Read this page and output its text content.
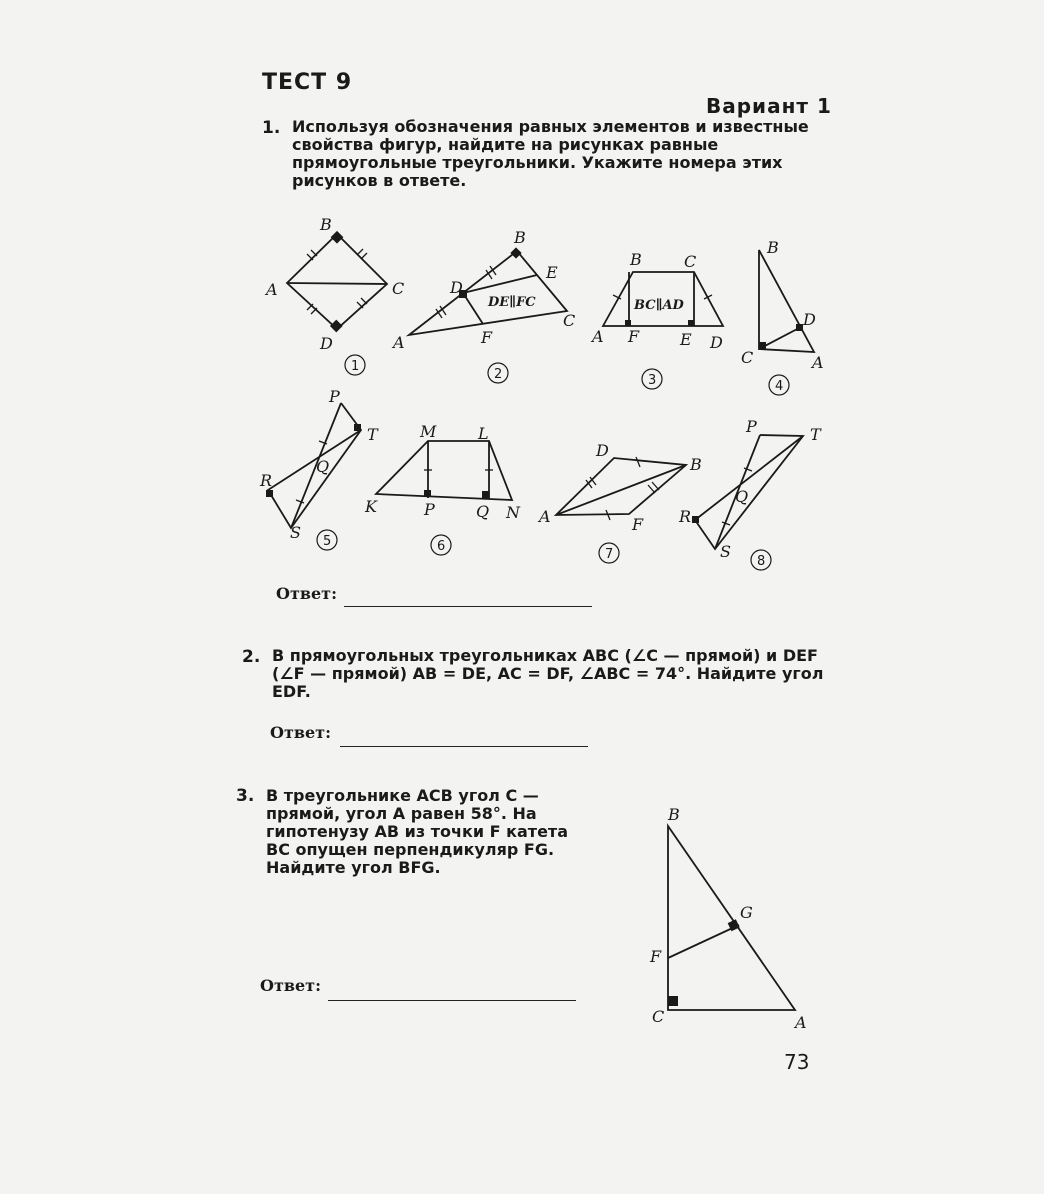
ТЕСТ 9
Вариант 1
1. Используя обозначения равных элементов и известные свойства фигур, найдите на рисунках равные прямоугольные треугольники. Укажите номера этих рисунков в ответе.
B
A	C
D
1
B
E
D
DE∥FC
C
A	F
2
B	C
BC∥AD
A F	E D
3
B
D
C	A
4
P
T
Q
R
S 5
M	L
K	P	Q N
6
D
B
A	F
7
P	T
Q
R
S
8
B
G
F
C	A
Ответ:
2. В прямоугольных треугольниках ABC (∠C — прямой) и DEF (∠F — прямой) AB = DE, AC = DF, ∠ABC = 74°. Найдите угол EDF.
Ответ:
3. В треугольнике ACB угол C — прямой, угол A равен 58°. На гипотенузу AB из точки F катета BC опущен перпендикуляр FG. Найдите угол BFG.
Ответ:
73
